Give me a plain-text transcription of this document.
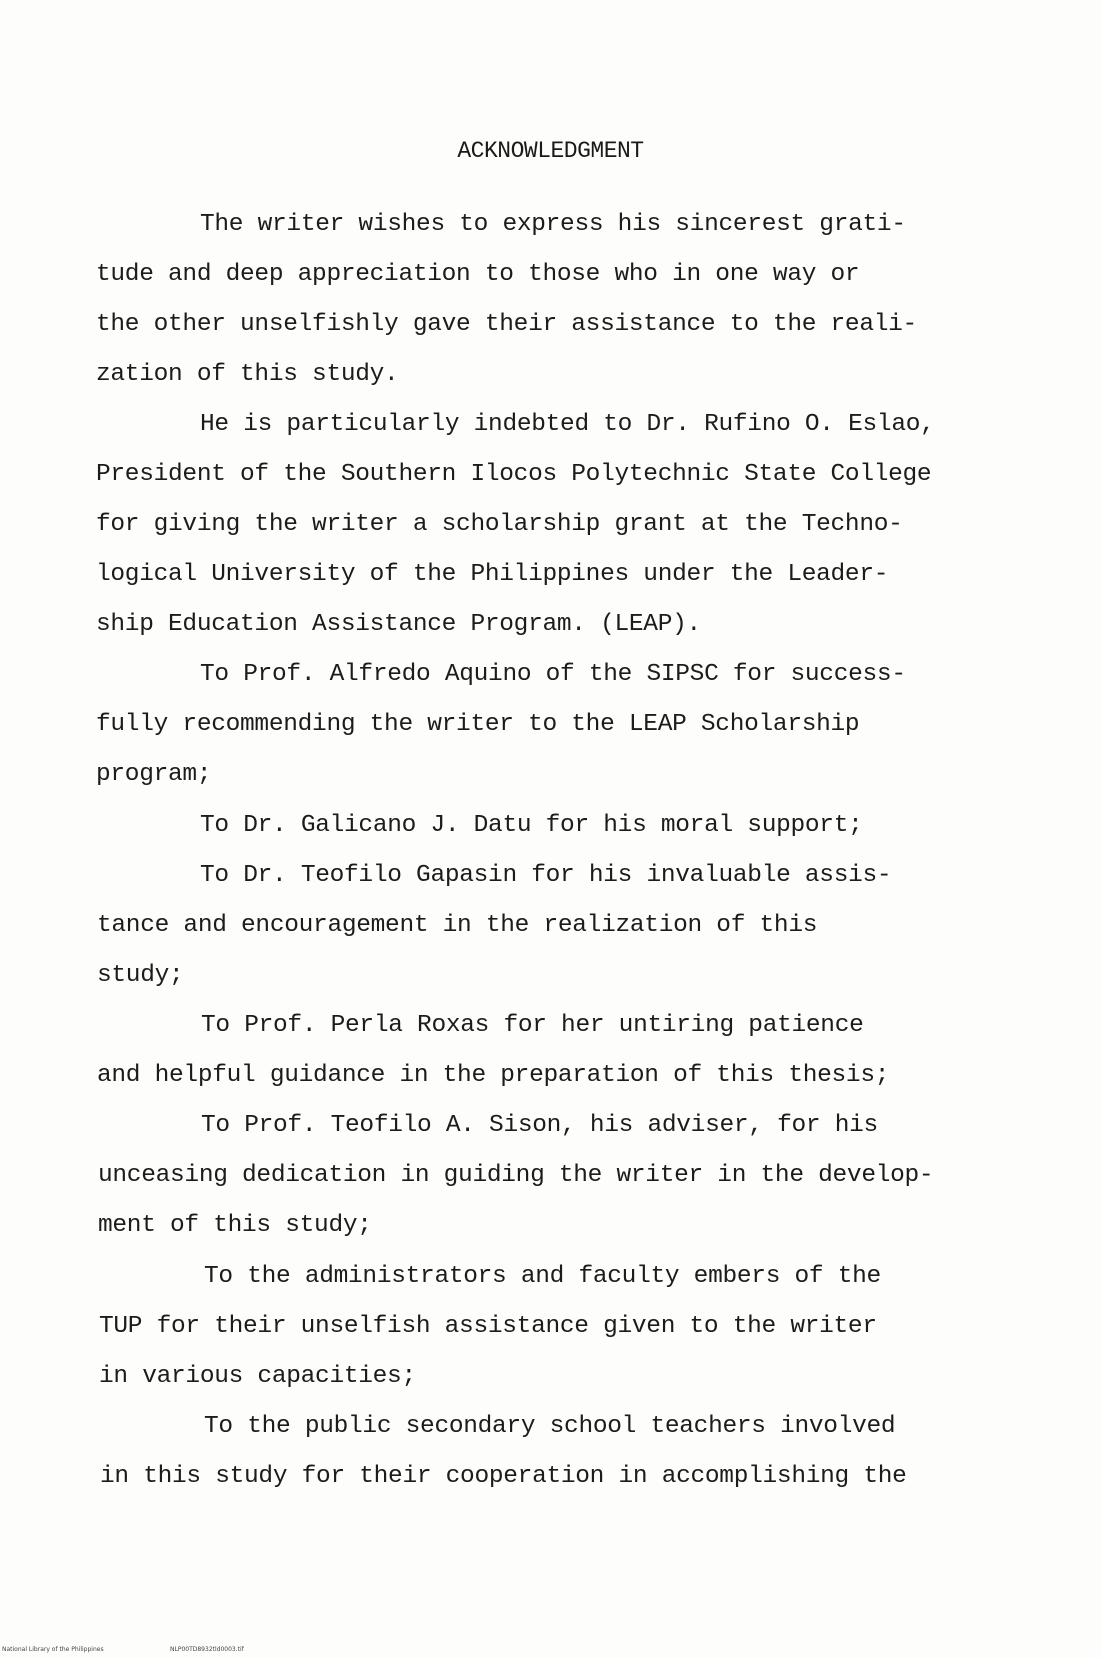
ACKNOWLEDGMENT
The writer wishes to express his sincerest grati-
tude and deep appreciation to those who in one way or
the other unselfishly gave their assistance to the reali-
zation of this study.
He is particularly indebted to Dr. Rufino O. Eslao,
President of the Southern Ilocos Polytechnic State College
for giving the writer a scholarship grant at the Techno-
logical University of the Philippines under the Leader-
ship Education Assistance Program. (LEAP).
To Prof. Alfredo Aquino of the SIPSC for success-
fully recommending the writer to the LEAP Scholarship
program;
To Dr. Galicano J. Datu for his moral support;
To Dr. Teofilo Gapasin for his invaluable assis-
tance and encouragement in the realization of this
study;
To Prof. Perla Roxas for her untiring patience
and helpful guidance in the preparation of this thesis;
To Prof. Teofilo A. Sison, his adviser, for his
unceasing dedication in guiding the writer in the develop-
ment of this study;
To the administrators and faculty embers of the
TUP for their unselfish assistance given to the writer
in various capacities;
To the public secondary school teachers involved
in this study for their cooperation in accomplishing the
National Library of the Philippines	NLP00TD8932tld0003.tif
